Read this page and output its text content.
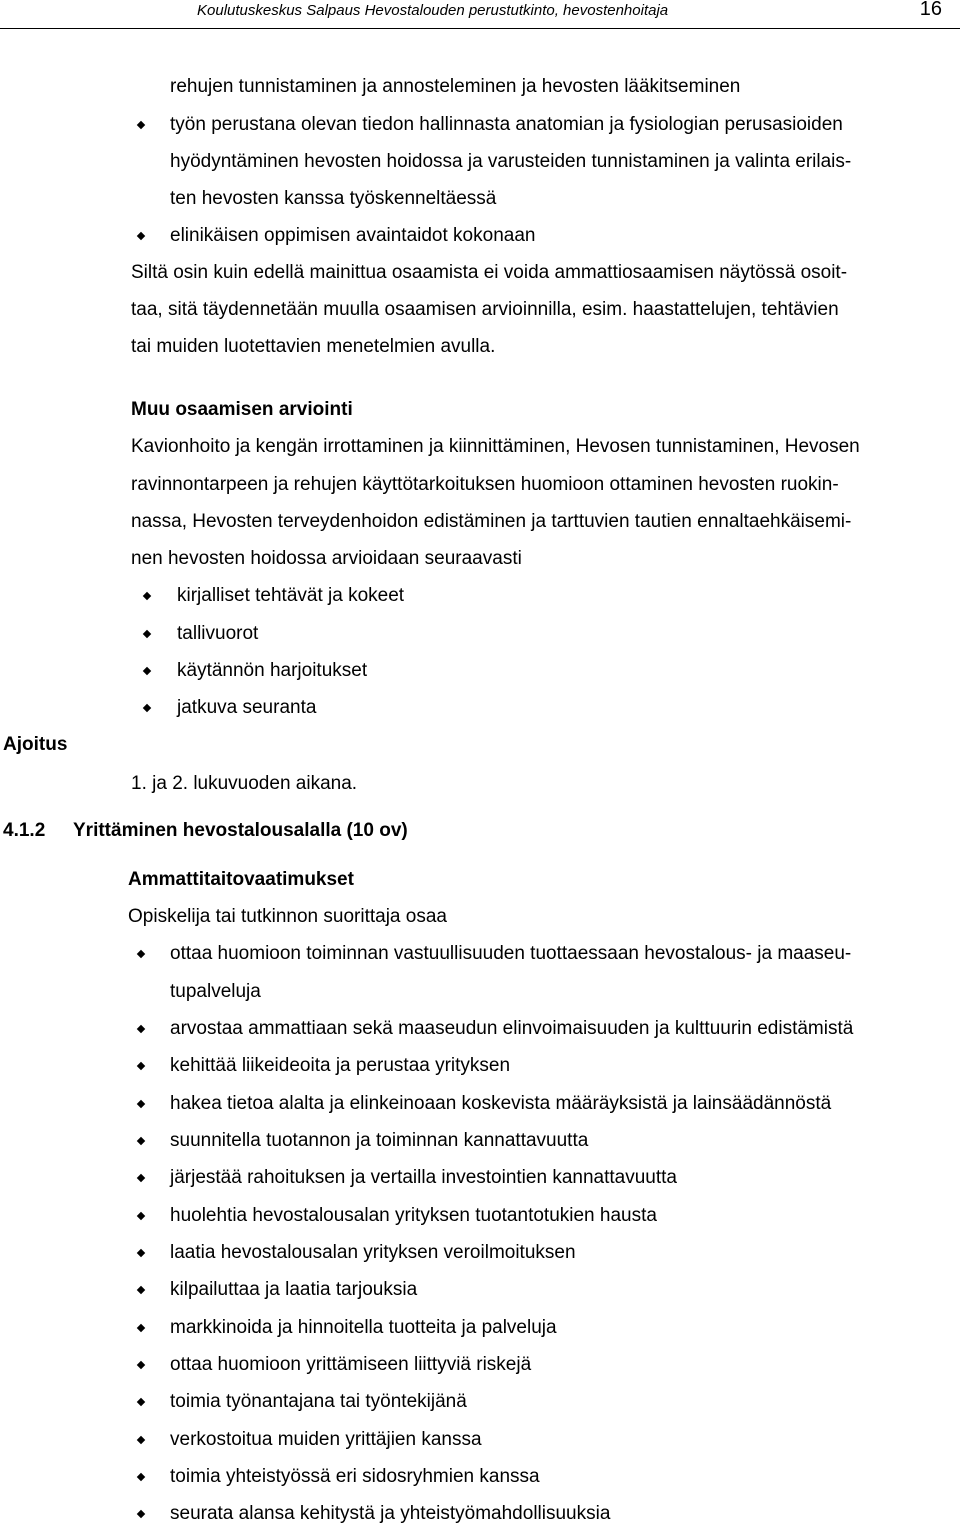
Koulutuskeskus Salpaus Hevostalouden perustutkinto, hevostenhoitaja	16
rehujen tunnistaminen ja annosteleminen ja hevosten lääkitseminen
työn perustana olevan tiedon hallinnasta anatomian ja fysiologian perusasioiden
hyödyntäminen hevosten hoidossa ja varusteiden tunnistaminen ja valinta erilais-
ten hevosten kanssa työskenneltäessä
elinikäisen oppimisen avaintaidot kokonaan
Siltä osin kuin edellä mainittua osaamista ei voida ammattiosaamisen näytössä osoit-
taa, sitä täydennetään muulla osaamisen arvioinnilla, esim. haastattelujen, tehtävien
tai muiden luotettavien menetelmien avulla.
Muu osaamisen arviointi
Kavionhoito ja kengän irrottaminen ja kiinnittäminen, Hevosen tunnistaminen, Hevosen
ravinnontarpeen ja rehujen käyttötarkoituksen huomioon ottaminen hevosten ruokin-
nassa, Hevosten terveydenhoidon edistäminen ja tarttuvien tautien ennaltaehkäisemi-
nen hevosten hoidossa arvioidaan seuraavasti
kirjalliset tehtävät ja kokeet
tallivuorot
käytännön harjoitukset
jatkuva seuranta
Ajoitus
1. ja 2. lukuvuoden aikana.
4.1.2 Yrittäminen hevostalousalalla (10 ov)
Ammattitaitovaatimukset
Opiskelija tai tutkinnon suorittaja osaa
ottaa huomioon toiminnan vastuullisuuden tuottaessaan hevostalous- ja maaseu-
tupalveluja
arvostaa ammattiaan sekä maaseudun elinvoimaisuuden ja kulttuurin edistämistä
kehittää liikeideoita ja perustaa yrityksen
hakea tietoa alalta ja elinkeinoaan koskevista määräyksistä ja lainsäädännöstä
suunnitella tuotannon ja toiminnan kannattavuutta
järjestää rahoituksen ja vertailla investointien kannattavuutta
huolehtia hevostalousalan yrityksen tuotantotukien hausta
laatia hevostalousalan yrityksen veroilmoituksen
kilpailuttaa ja laatia tarjouksia
markkinoida ja hinnoitella tuotteita ja palveluja
ottaa huomioon yrittämiseen liittyviä riskejä
toimia työnantajana tai työntekijänä
verkostoitua muiden yrittäjien kanssa
toimia yhteistyössä eri sidosryhmien kanssa
seurata alansa kehitystä ja yhteistyömahdollisuuksia
